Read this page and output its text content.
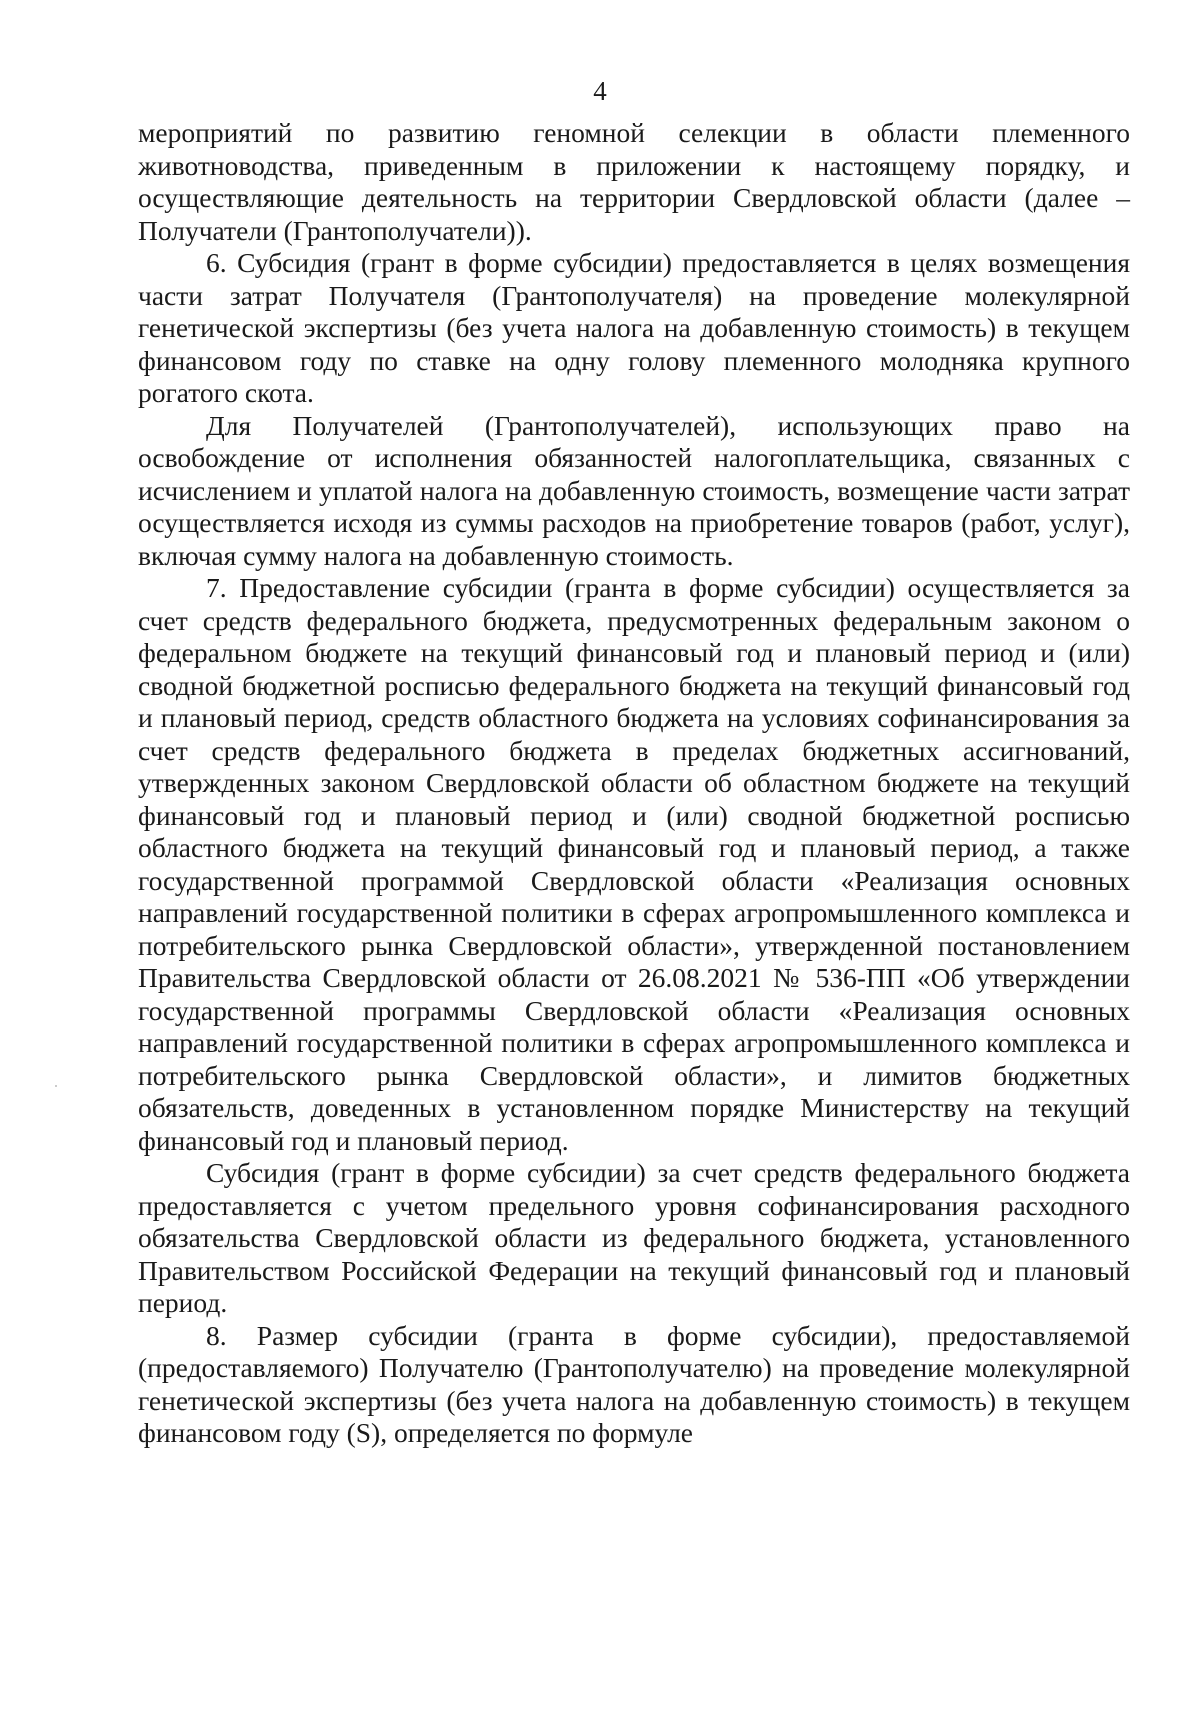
4

мероприятий по развитию геномной селекции в области племенного животноводства, приведенным в приложении к настоящему порядку, и осуществляющие деятельность на территории Свердловской области (далее – Получатели (Грантополучатели)).

6. Субсидия (грант в форме субсидии) предоставляется в целях возмещения части затрат Получателя (Грантополучателя) на проведение молекулярной генетической экспертизы (без учета налога на добавленную стоимость) в текущем финансовом году по ставке на одну голову племенного молодняка крупного рогатого скота.

Для Получателей (Грантополучателей), использующих право на освобождение от исполнения обязанностей налогоплательщика, связанных с исчислением и уплатой налога на добавленную стоимость, возмещение части затрат осуществляется исходя из суммы расходов на приобретение товаров (работ, услуг), включая сумму налога на добавленную стоимость.

7. Предоставление субсидии (гранта в форме субсидии) осуществляется за счет средств федерального бюджета, предусмотренных федеральным законом о федеральном бюджете на текущий финансовый год и плановый период и (или) сводной бюджетной росписью федерального бюджета на текущий финансовый год и плановый период, средств областного бюджета на условиях софинансирования за счет средств федерального бюджета в пределах бюджетных ассигнований, утвержденных законом Свердловской области об областном бюджете на текущий финансовый год и плановый период и (или) сводной бюджетной росписью областного бюджета на текущий финансовый год и плановый период, а также государственной программой Свердловской области «Реализация основных направлений государственной политики в сферах агропромышленного комплекса и потребительского рынка Свердловской области», утвержденной постановлением Правительства Свердловской области от 26.08.2021 № 536-ПП «Об утверждении государственной программы Свердловской области «Реализация основных направлений государственной политики в сферах агропромышленного комплекса и потребительского рынка Свердловской области», и лимитов бюджетных обязательств, доведенных в установленном порядке Министерству на текущий финансовый год и плановый период.

Субсидия (грант в форме субсидии) за счет средств федерального бюджета предоставляется с учетом предельного уровня софинансирования расходного обязательства Свердловской области из федерального бюджета, установленного Правительством Российской Федерации на текущий финансовый год и плановый период.

8. Размер субсидии (гранта в форме субсидии), предоставляемой (предоставляемого) Получателю (Грантополучателю) на проведение молекулярной генетической экспертизы (без учета налога на добавленную стоимость) в текущем финансовом году (S), определяется по формуле
